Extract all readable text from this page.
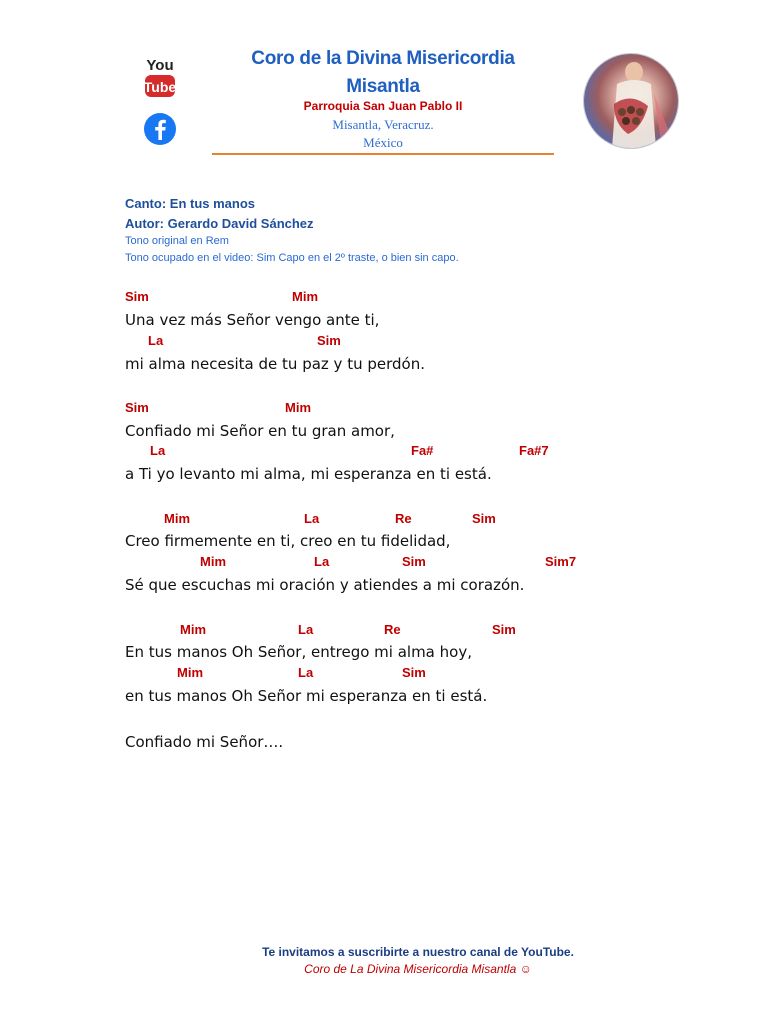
You
Tube
Coro de la Divina Misericordia
Misantla
Parroquia San Juan Pablo II
Misantla, Veracruz.
México
Canto: En tus manos
Autor: Gerardo David Sánchez
Tono original en Rem
Tono ocupado en el video: Sim Capo en el 2º traste, o bien sin capo.
Sim	Mim
Una vez más Señor vengo ante ti,
La	Sim
mi alma necesita de tu paz y tu perdón.
Sim	Mim
Confiado mi Señor en tu gran amor,
La	Fa#	Fa#7
a Ti yo levanto mi alma, mi esperanza en ti está.
Mim	La	Re	Sim
Creo firmemente en ti, creo en tu fidelidad,
Mim	La	Sim	Sim7
Sé que escuchas mi oración y atiendes a mi corazón.
Mim	La	Re	Sim
En tus manos Oh Señor, entrego mi alma hoy,
Mim	La	Sim
en tus manos Oh Señor mi esperanza en ti está.
Confiado mi Señor….
Te invitamos a suscribirte a nuestro canal de YouTube.
Coro de La Divina Misericordia Misantla ☺
